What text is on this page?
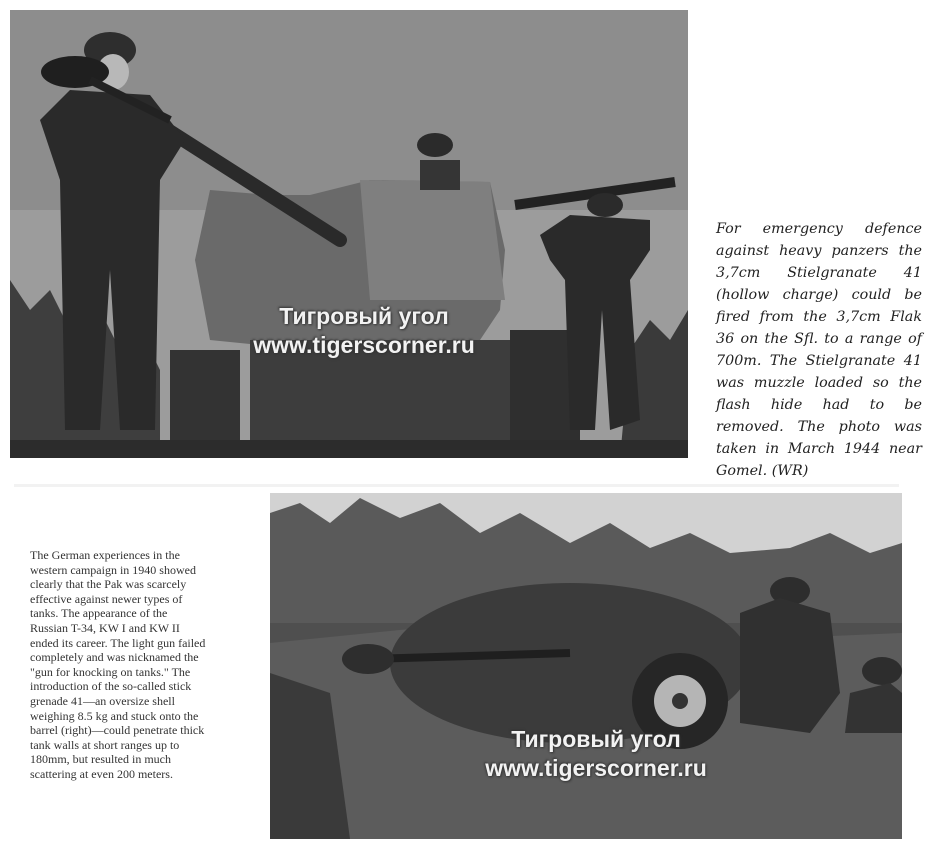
Тигровый угол
www.tigerscorner.ru
For emergency defence against heavy panzers the 3,7cm Stielgranate 41 (hollow charge) could be fired from the 3,7cm Flak 36 on the Sfl. to a range of 700m. The Stielgranate 41 was muzzle loaded so the flash hide had to be removed. The photo was taken in March 1944 near Gomel. (WR)
The German experiences in the western campaign in 1940 showed clearly that the Pak was scarcely effective against newer types of tanks. The appearance of the Russian T-34, KW I and KW II ended its career. The light gun failed completely and was nicknamed the "gun for knocking on tanks." The introduction of the so-called stick grenade 41—an oversize shell weighing 8.5 kg and stuck onto the barrel (right)—could penetrate thick tank walls at short ranges up to 180mm, but resulted in much scattering at even 200 meters.
Тигровый угол
www.tigerscorner.ru
